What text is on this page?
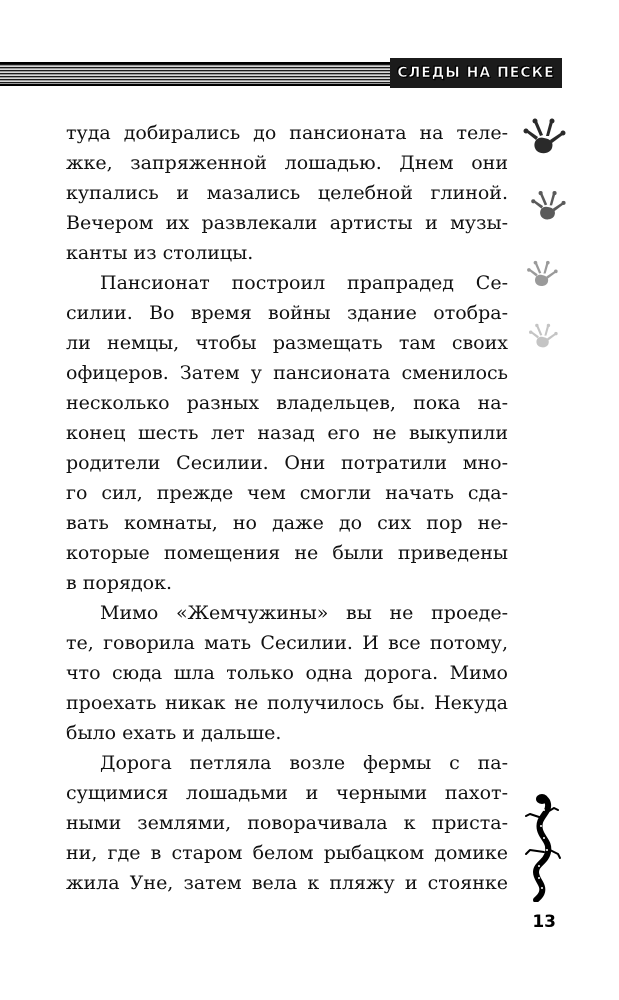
СЛЕДЫ НА ПЕСКЕ

туда добирались до пансионата на теле-
жке, запряженной лошадью. Днем они
купались и мазались целебной глиной.
Вечером их развлекали артисты и музы-
канты из столицы.

Пансионат построил прапрадед Се-
силии. Во время войны здание отобра-
ли немцы, чтобы размещать там своих
офицеров. Затем у пансионата сменилось
несколько разных владельцев, пока на-
конец шесть лет назад его не выкупили
родители Сесилии. Они потратили мно-
го сил, прежде чем смогли начать сда-
вать комнаты, но даже до сих пор не-
которые помещения не были приведены
в порядок.

Мимо «Жемчужины» вы не проеде-
те, говорила мать Сесилии. И все потому,
что сюда шла только одна дорога. Мимо
проехать никак не получилось бы. Некуда
было ехать и дальше.

Дорога петляла возле фермы с па-
сущимися лошадьми и черными пахот-
ными землями, поворачивала к приста-
ни, где в старом белом рыбацком домике
жила Уне, затем вела к пляжу и стоянке

13
